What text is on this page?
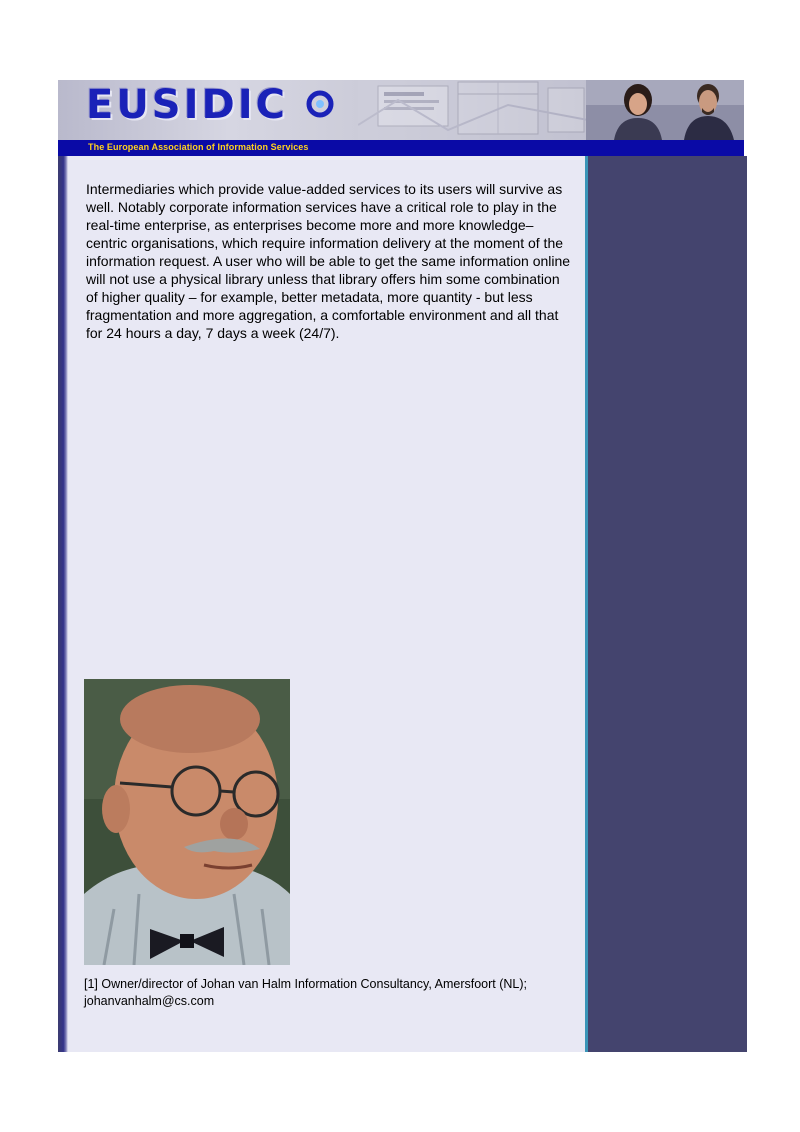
EUSIDIC
The European Association of Information Services

Intermediaries which provide value-added services to its users will survive as well. Notably corporate information services have a critical role to play in the real-time enterprise, as enterprises become more and more knowledge–centric organisations, which require information delivery at the moment of the information request. A user who will be able to get the same information online will not use a physical library unless that library offers him some combination of higher quality – for example, better metadata, more quantity - but less fragmentation and more aggregation, a comfortable environment and all that for 24 hours a day, 7 days a week (24/7).

[1] Owner/director of Johan van Halm Information Consultancy, Amersfoort (NL); johanvanhalm@cs.com
